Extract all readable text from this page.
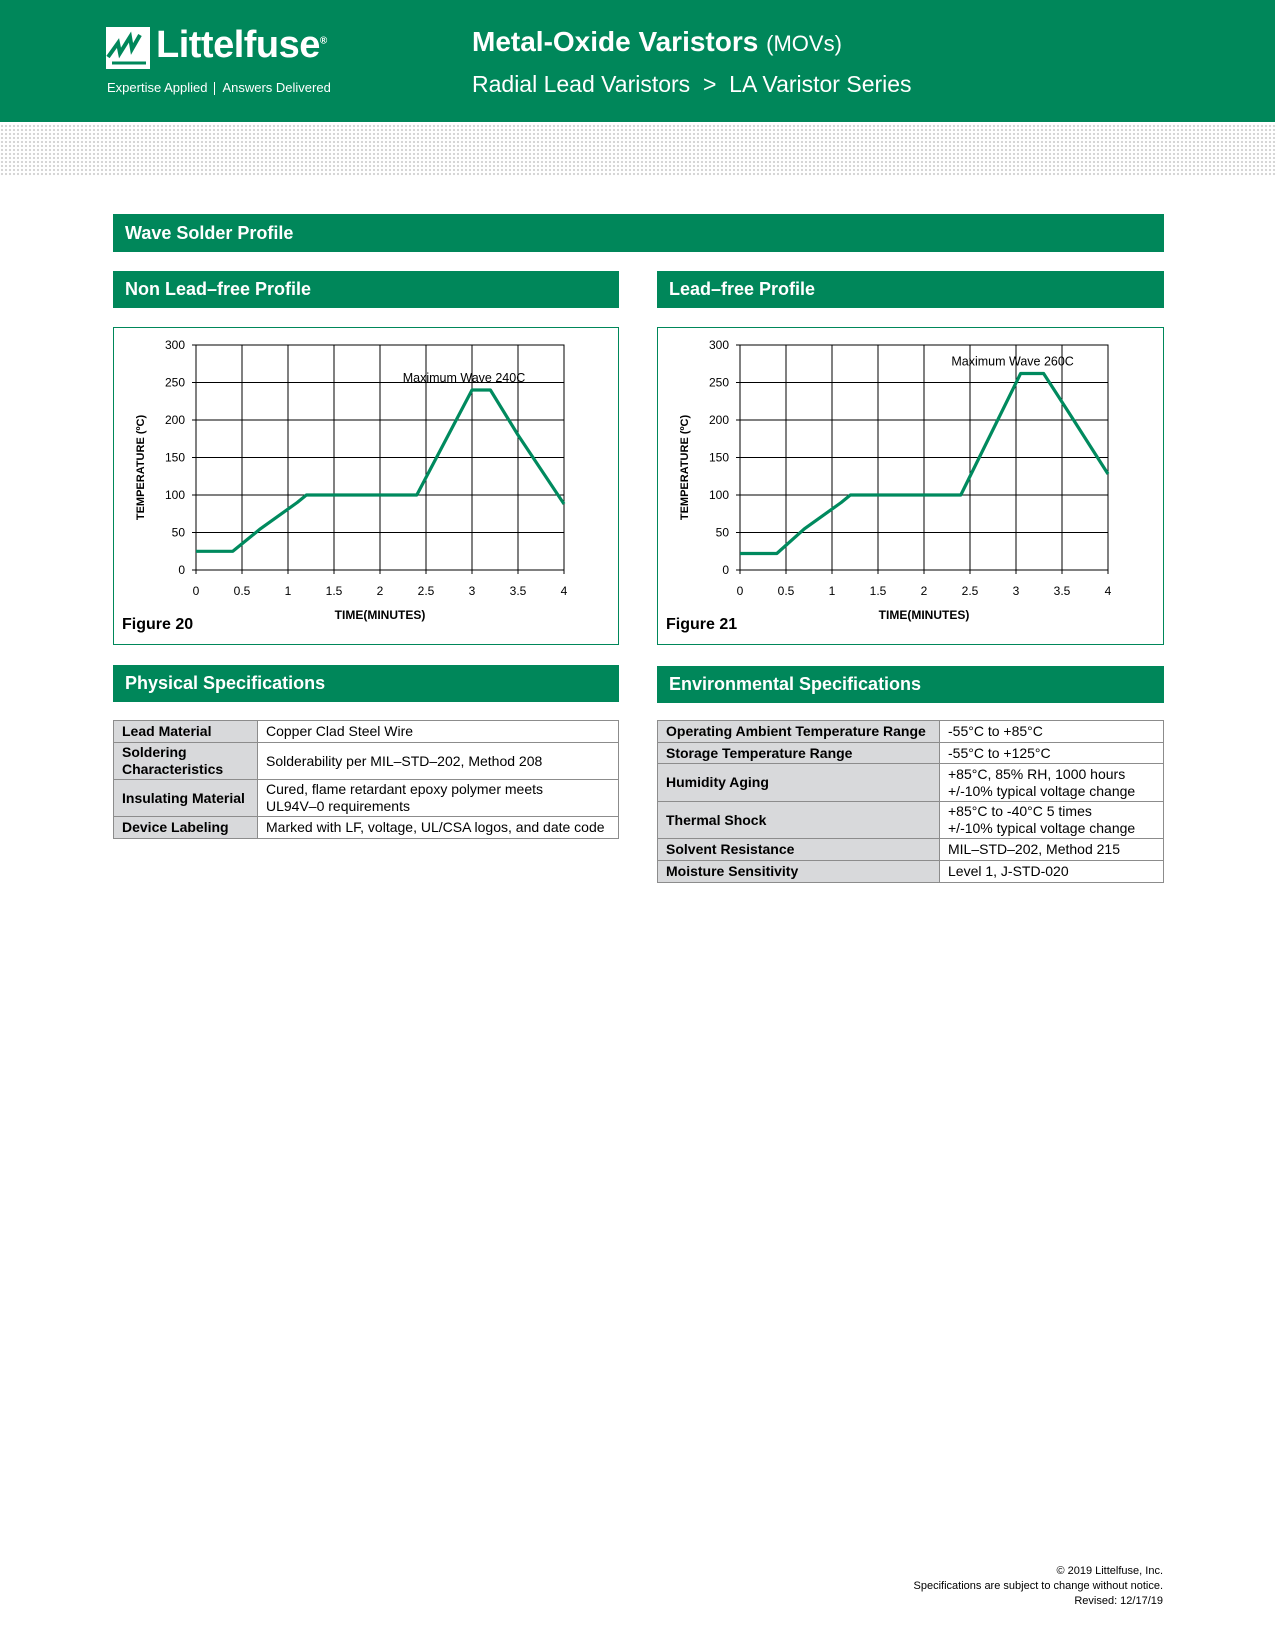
Littelfuse®
Expertise Applied Answers Delivered
Metal-Oxide Varistors (MOVs)
Radial Lead Varistors  >  LA Varistor Series
Wave Solder Profile
Non Lead–free Profile	Lead–free Profile
0	0.5	1	1.5	2	2.5	3	3.5	4
0
50
100
150
200
250
300
TIME(MINUTES)
TEMPERATURE (ºC)
Maximum Wave 240C
Figure 20
0	0.5	1	1.5	2	2.5	3	3.5	4
0
50
100
150
200
250
300
TIME(MINUTES)
TEMPERATURE (ºC)
Maximum Wave 260C
Figure 21
Physical Specifications	Environmental Specifications
Lead Material	Copper Clad Steel Wire
Soldering
Characteristics	Solderability per MIL–STD–202, Method 208
Insulating Material	Cured, flame retardant epoxy polymer meets
UL94V–0 requirements
Device Labeling	Marked with LF, voltage, UL/CSA logos, and date code
Operating Ambient Temperature Range	-55°C to +85°C
Storage Temperature Range	-55°C to +125°C
Humidity Aging	+85°C, 85% RH, 1000 hours
+/-10% typical voltage change
Thermal Shock	+85°C to -40°C 5 times
+/-10% typical voltage change
Solvent Resistance	MIL–STD–202, Method 215
Moisture Sensitivity	Level 1, J-STD-020
© 2019 Littelfuse, Inc.
Specifications are subject to change without notice.
Revised: 12/17/19
